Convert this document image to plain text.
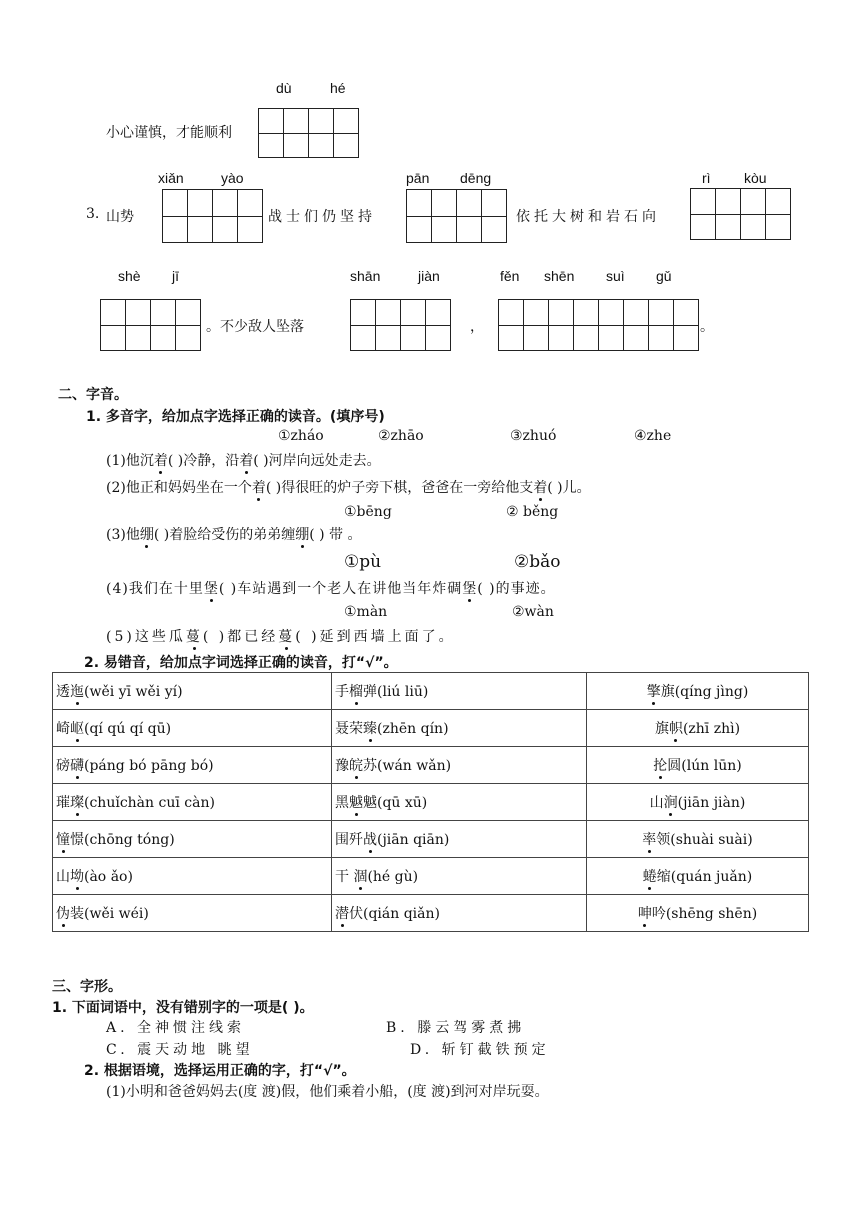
dù	hé
小心谨慎，才能顺利
xiǎn	yào
3. 山势	战士们仍坚持
pān dēng
依托大树和岩石向
rì kòu
shè jī
。不少敌人坠落
shān	jiàn
，
fěn shēn suì gǔ
。
二、字音。
1. 多音字，给加点字选择正确的读音。(填序号)
①zháo	②zhāo	③zhuó	④zhe
(1)他沉着( )冷静，沿着( )河岸向远处走去。
(2)他正和妈妈坐在一个着( )得很旺的炉子旁下棋，爸爸在一旁给他支着( )儿。
①bēng	② běng
(3)他绷( )着脸给受伤的弟弟缠绷( ) 带 。
①pù	②bǎo
(4)我们在十里堡( )车站遇到一个老人在讲他当年炸碉堡( )的事迹。
①màn	②wàn
(5)这些瓜蔓( )都已经蔓( )延到西墙上面了。
2. 易错音，给加点字词选择正确的读音，打“√”。
透迤(wěi yī wěi yí)	手榴弹(liú liū)	擎旗(qíng jìng)
崎岖(qí qú qí qū)	聂荣臻(zhēn qín)	旗帜(zhī zhì)
磅礴(páng bó pāng bó)	豫皖苏(wán wǎn)	抡圆(lún lūn)
璀璨(chuǐchàn cuī càn)	黑魆魆(qū xū)	山涧(jiān jiàn)
憧憬(chōng tóng)	围歼战(jiān qiān)	率领(shuài suài)
山坳(ào ǎo)	干 涸(hé gù)	蜷缩(quán juǎn)
伪装(wěi wéi)	潜伏(qián qiǎn)	呻吟(shēng shēn)
三、字形。
1. 下面词语中，没有错别字的一项是( )。
A. 全神惯注线索	B. 滕云驾雾煮拂
C. 震天动地 眺望	D. 斩钉截铁预定
2. 根据语境，选择运用正确的字，打“√”。
(1)小明和爸爸妈妈去(度 渡)假，他们乘着小船，(度 渡)到河对岸玩耍。
